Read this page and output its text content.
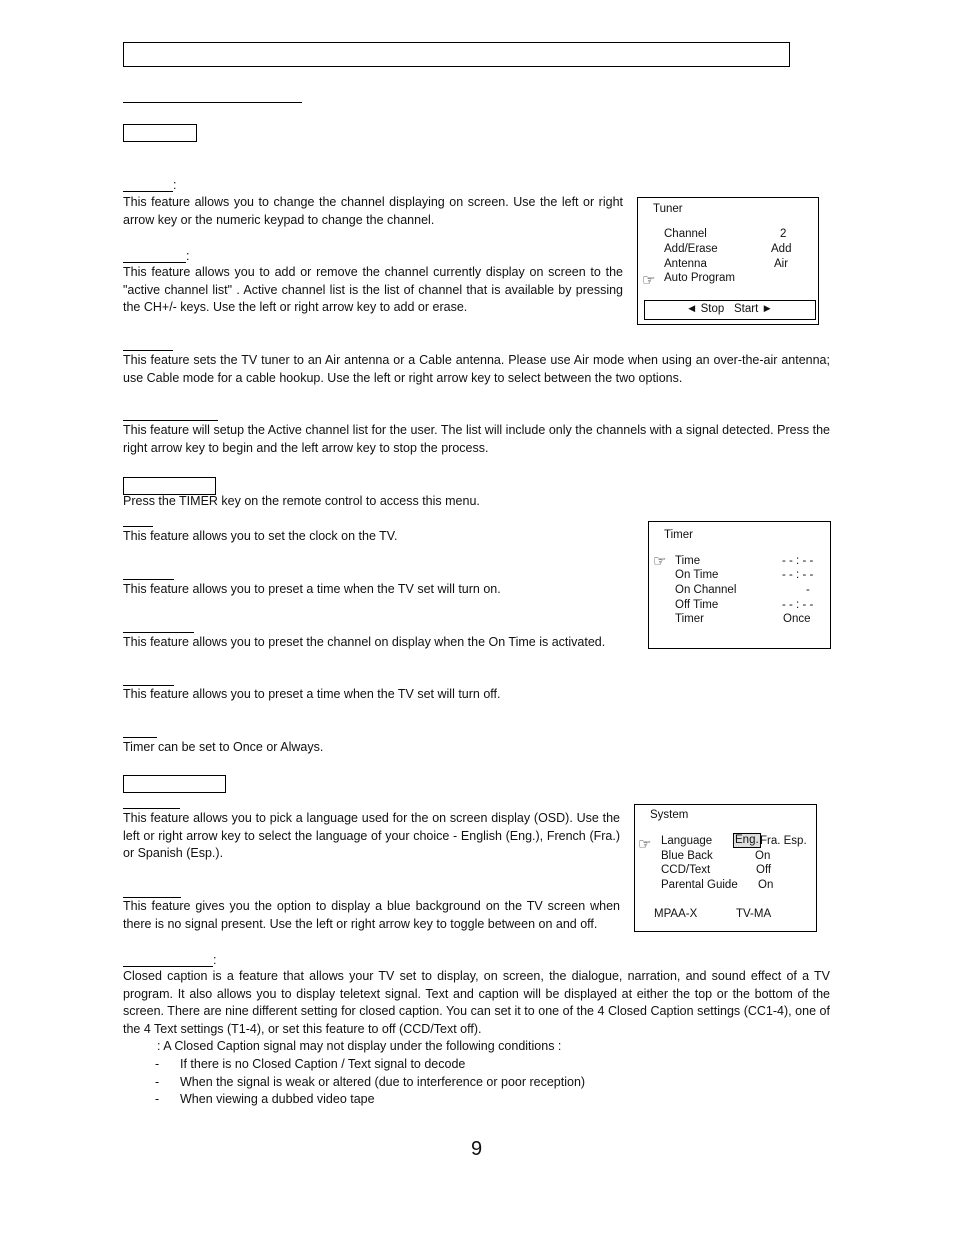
:
This feature allows you to change the channel displaying on screen. Use the left or right arrow key or the numeric keypad to change the channel.
:
This feature allows you to add or remove the channel currently display on screen to the "active channel list" . Active channel list is the list of channel that is available by pressing the CH+/- keys. Use the left or right arrow key to add or erase.
Tuner
Channel	2
Add/Erase	Add
Antenna	Air
☞ Auto Program
◄ Stop Start ►
This feature sets the TV tuner to an Air antenna or a Cable antenna. Please use Air mode when using an over-the-air antenna; use Cable mode for a cable hookup. Use the left or right arrow key to select between the two options.
This feature will setup the Active channel list for the user. The list will include only the channels with a signal detected. Press the right arrow key to begin and the left arrow key to stop the process.
Press the TIMER key on the remote control to access this menu.
This feature allows you to set the clock on the TV.
This feature allows you to preset a time when the TV set will turn on.
This feature allows you to preset the channel on display when the On Time is activated.
This feature allows you to preset a time when the TV set will turn off.
Timer can be set to Once or Always.
Timer
☞ Time	- - : - -
On Time	- - : - -
On Channel	-
Off Time	- - : - -
Timer	Once
This feature allows you to pick a language used for the on screen display (OSD). Use the left or right arrow key to select the language of your choice - English (Eng.), French (Fra.) or Spanish (Esp.).
This feature gives you the option to display a blue background on the TV screen when there is no signal present. Use the left or right arrow key to toggle between on and off.
System
☞ Language Eng. Fra. Esp.
Blue Back	On
CCD/Text	Off
Parental Guide On
MPAA-X	TV-MA
:
Closed caption is a feature that allows your TV set to display, on screen, the dialogue, narration, and sound effect of a TV program. It also allows you to display teletext signal. Text and caption will be displayed at either the top or the bottom of the screen. There are nine different setting for closed caption. You can set it to one of the 4 Closed Caption settings (CC1-4), one of the 4 Text settings (T1-4), or set this feature to off (CCD/Text off).
: A Closed Caption signal may not display under the following conditions :
- If there is no Closed Caption / Text signal to decode
- When the signal is weak or altered (due to interference or poor reception)
- When viewing a dubbed video tape
9
